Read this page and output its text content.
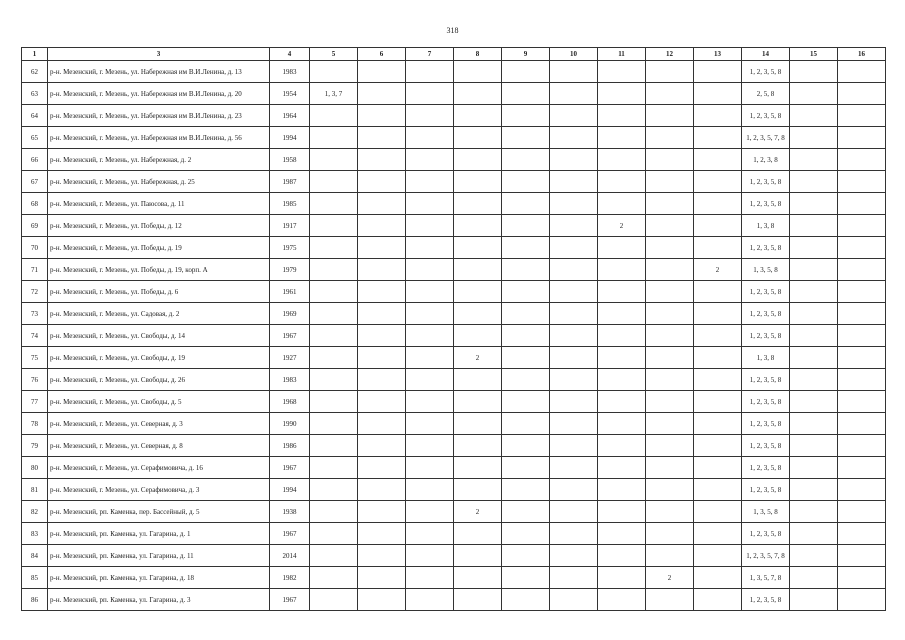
318
1	3	4	5	6	7	8	9	10	11	12	13	14	15	16
62	р-н. Мезенский, г. Мезень, ул. Набережная им В.И.Ленина, д. 13	1983										1, 2, 3, 5, 8		
63	р-н. Мезенский, г. Мезень, ул. Набережная им В.И.Ленина, д. 20	1954	1, 3, 7									2, 5, 8		
64	р-н. Мезенский, г. Мезень, ул. Набережная им В.И.Ленина, д. 23	1964										1, 2, 3, 5, 8		
65	р-н. Мезенский, г. Мезень, ул. Набережная им В.И.Ленина, д. 56	1994										1, 2, 3, 5, 7, 8		
66	р-н. Мезенский, г. Мезень, ул. Набережная, д. 2	1958										1, 2, 3, 8		
67	р-н. Мезенский, г. Мезень, ул. Набережная, д. 25	1987										1, 2, 3, 5, 8		
68	р-н. Мезенский, г. Мезень, ул. Паюсова, д. 11	1985										1, 2, 3, 5, 8		
69	р-н. Мезенский, г. Мезень, ул. Победы, д. 12	1917							2			1, 3, 8		
70	р-н. Мезенский, г. Мезень, ул. Победы, д. 19	1975										1, 2, 3, 5, 8		
71	р-н. Мезенский, г. Мезень, ул. Победы, д. 19, корп. А	1979									2	1, 3, 5, 8		
72	р-н. Мезенский, г. Мезень, ул. Победы, д. 6	1961										1, 2, 3, 5, 8		
73	р-н. Мезенский, г. Мезень, ул. Садовая, д. 2	1969										1, 2, 3, 5, 8		
74	р-н. Мезенский, г. Мезень, ул. Свободы, д. 14	1967										1, 2, 3, 5, 8		
75	р-н. Мезенский, г. Мезень, ул. Свободы, д. 19	1927				2						1, 3, 8		
76	р-н. Мезенский, г. Мезень, ул. Свободы, д. 26	1983										1, 2, 3, 5, 8		
77	р-н. Мезенский, г. Мезень, ул. Свободы, д. 5	1968										1, 2, 3, 5, 8		
78	р-н. Мезенский, г. Мезень, ул. Северная, д. 3	1990										1, 2, 3, 5, 8		
79	р-н. Мезенский, г. Мезень, ул. Северная, д. 8	1986										1, 2, 3, 5, 8		
80	р-н. Мезенский, г. Мезень, ул. Серафимовича, д. 16	1967										1, 2, 3, 5, 8		
81	р-н. Мезенский, г. Мезень, ул. Серафимовича, д. 3	1994										1, 2, 3, 5, 8		
82	р-н. Мезенский, рп. Каменка, пер. Бассейный, д. 5	1938				2						1, 3, 5, 8		
83	р-н. Мезенский, рп. Каменка, ул. Гагарина, д. 1	1967										1, 2, 3, 5, 8		
84	р-н. Мезенский, рп. Каменка, ул. Гагарина, д. 11	2014										1, 2, 3, 5, 7, 8		
85	р-н. Мезенский, рп. Каменка, ул. Гагарина, д. 18	1982								2		1, 3, 5, 7, 8		
86	р-н. Мезенский, рп. Каменка, ул. Гагарина, д. 3	1967										1, 2, 3, 5, 8		
